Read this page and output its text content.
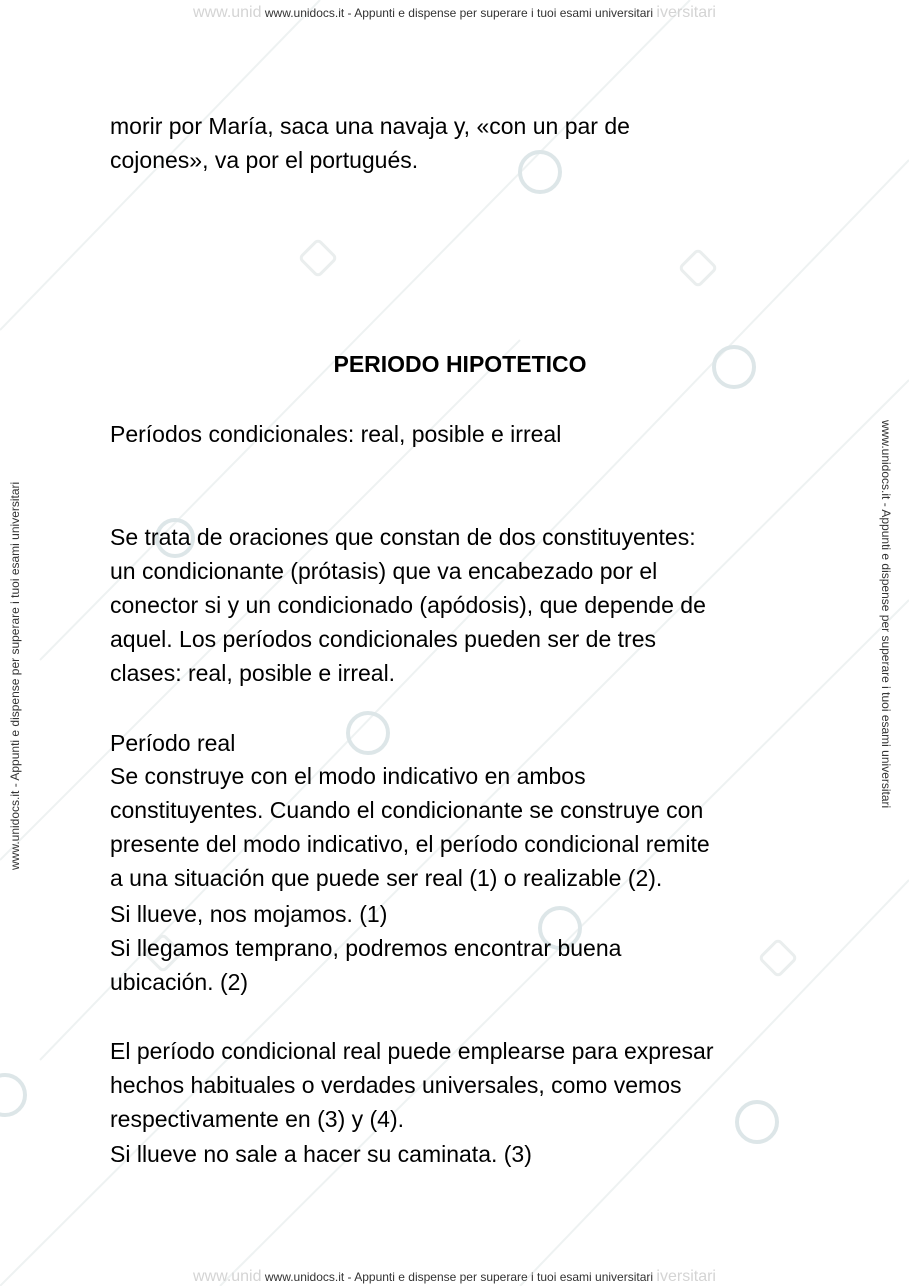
www.unid www.unidocs.it - Appunti e dispense per superare i tuoi esami universitari iversitari
www.unid www.unidocs.it - Appunti e dispense per superare i tuoi esami universitari iversitari
www.unidocs.it - Appunti e dispense per superare i tuoi esami universitari	www.unidocs.it - Appunti e dispense per superare i tuoi esami universitari

morir por María, saca una navaja y, «con un par de
cojones», va por el portugués.

PERIODO HIPOTETICO

Períodos condicionales: real, posible e irreal

Se trata de oraciones que constan de dos constituyentes:
un condicionante (prótasis) que va encabezado por el
conector si y un condicionado (apódosis), que depende de
aquel. Los períodos condicionales pueden ser de tres
clases: real, posible e irreal.

Período real

Se construye con el modo indicativo en ambos
constituyentes. Cuando el condicionante se construye con
presente del modo indicativo, el período condicional remite
a una situación que puede ser real (1) o realizable (2).

Si llueve, nos mojamos. (1)

Si llegamos temprano, podremos encontrar buena
ubicación. (2)

El período condicional real puede emplearse para expresar
hechos habituales o verdades universales, como vemos
respectivamente en (3) y (4).

Si llueve no sale a hacer su caminata. (3)
